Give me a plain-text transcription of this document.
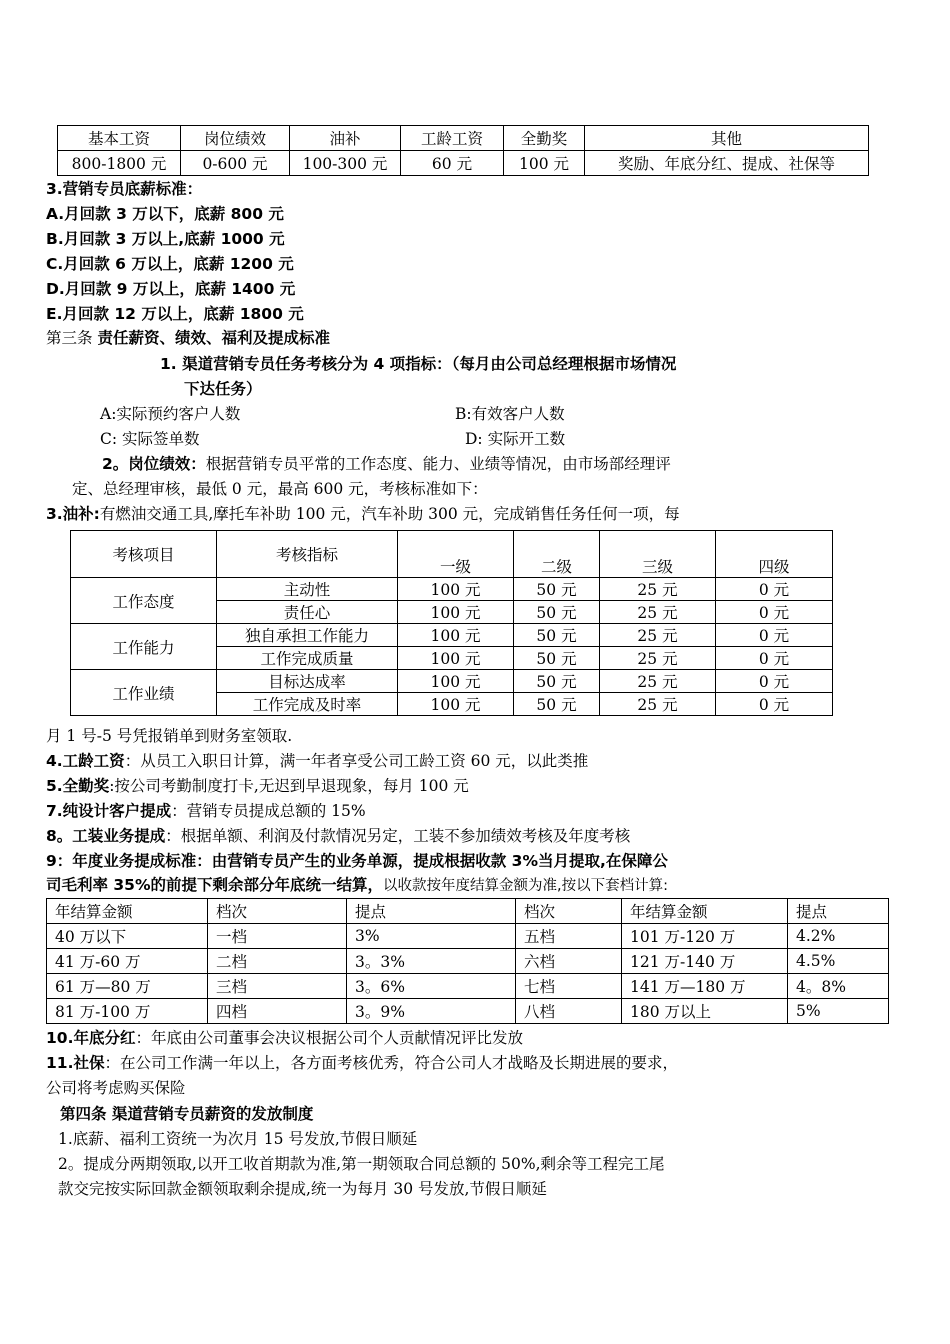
基本工资	岗位绩效	油补	工龄工资	全勤奖	其他
800-1800 元	0-600 元	100-300 元	60 元	100 元	奖励、年底分红、提成、社保等
3.营销专员底薪标准：
A.月回款 3 万以下，底薪 800 元
B.月回款 3 万以上,底薪 1000 元
C.月回款 6 万以上，底薪 1200 元
D.月回款 9 万以上，底薪 1400 元
E.月回款 12 万以上，底薪 1800 元
第三条 责任薪资、绩效、福利及提成标准
1. 渠道营销专员任务考核分为 4 项指标：（每月由公司总经理根据市场情况
下达任务）
A:实际预约客户人数	B:有效客户人数
C: 实际签单数	D: 实际开工数
2。岗位绩效：根据营销专员平常的工作态度、能力、业绩等情况，由市场部经理评
定、总经理审核，最低 0 元，最高 600 元，考核标准如下：
3.油补:有燃油交通工具,摩托车补助 100 元，汽车补助 300 元，完成销售任务任何一项，每
考核项目	考核指标	一级	二级	三级	四级
工作态度	主动性	100 元	50 元	25 元	0 元
	责任心	100 元	50 元	25 元	0 元
工作能力	独自承担工作能力	100 元	50 元	25 元	0 元
	工作完成质量	100 元	50 元	25 元	0 元
工作业绩	目标达成率	100 元	50 元	25 元	0 元
	工作完成及时率	100 元	50 元	25 元	0 元
月 1 号-5 号凭报销单到财务室领取.
4.工龄工资：从员工入职日计算，满一年者享受公司工龄工资 60 元，以此类推
5.全勤奖:按公司考勤制度打卡,无迟到早退现象，每月 100 元
7.纯设计客户提成：营销专员提成总额的 15%
8。工装业务提成：根据单额、利润及付款情况另定，工装不参加绩效考核及年度考核
9：年度业务提成标准：由营销专员产生的业务单源，提成根据收款 3%当月提取,在保障公
司毛利率 35%的前提下剩余部分年底统一结算，以收款按年度结算金额为准,按以下套档计算:
年结算金额	档次	提点	档次	年结算金额	提点
40 万以下	一档	3%	五档	101 万-120 万	4.2%
41 万-60 万	二档	3。3%	六档	121 万-140 万	4.5%
61 万—80 万	三档	3。6%	七档	141 万—180 万	4。8%
81 万-100 万	四档	3。9%	八档	180 万以上	5%
10.年底分红：年底由公司董事会决议根据公司个人贡献情况评比发放
11.社保：在公司工作满一年以上，各方面考核优秀，符合公司人才战略及长期进展的要求，
公司将考虑购买保险
第四条 渠道营销专员薪资的发放制度
1.底薪、福利工资统一为次月 15 号发放,节假日顺延
2。提成分两期领取,以开工收首期款为准,第一期领取合同总额的 50%,剩余等工程完工尾
款交完按实际回款金额领取剩余提成,统一为每月 30 号发放,节假日顺延
